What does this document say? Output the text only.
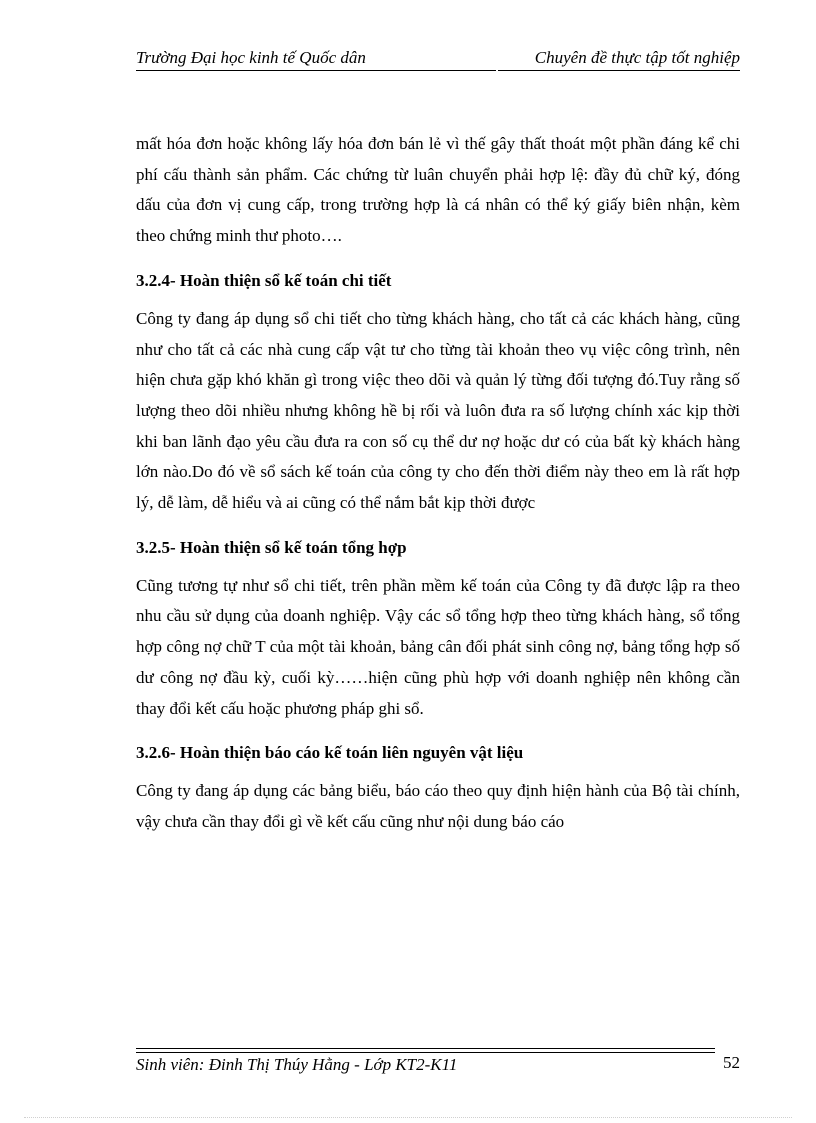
Trường Đại học kinh tế Quốc dân	Chuyên đề thực tập tốt nghiệp

mất hóa đơn hoặc không lấy hóa đơn bán lẻ vì thế gây thất thoát một phần đáng kể chi phí cấu thành sản phẩm. Các chứng từ luân chuyển phải hợp lệ: đầy đủ chữ ký, đóng dấu của đơn vị cung cấp, trong trường hợp là cá nhân có thể ký giấy biên nhận, kèm theo chứng minh thư photo….

3.2.4- Hoàn thiện sổ kế toán chi tiết

Công ty đang áp dụng sổ chi tiết cho từng khách hàng, cho tất cả các khách hàng, cũng như cho tất cả các nhà cung cấp vật tư cho từng tài khoản theo vụ việc công trình, nên hiện chưa gặp khó khăn gì trong việc theo dõi và quản lý từng đối tượng đó.Tuy rằng số lượng theo dõi nhiều nhưng không hề bị rối và luôn đưa ra số lượng chính xác kịp thời khi ban lãnh đạo yêu cầu đưa ra con số cụ thể dư nợ hoặc dư có của bất kỳ khách hàng lớn nào.Do đó về sổ sách kế toán của công ty cho đến thời điểm này theo em là rất hợp lý, dễ làm, dễ hiểu và ai cũng có thể nắm bắt kịp thời được

3.2.5- Hoàn thiện sổ kế toán tổng hợp

Cũng tương tự như sổ chi tiết, trên phần mềm kế toán của Công ty đã được lập ra theo nhu cầu sử dụng của doanh nghiệp. Vậy các sổ tổng hợp theo từng khách hàng, sổ tổng hợp công nợ chữ T của một tài khoản, bảng cân đối phát sinh công nợ, bảng tổng hợp số dư công nợ đầu kỳ, cuối kỳ……hiện cũng phù hợp với doanh nghiệp nên không cần thay đổi kết cấu hoặc phương pháp ghi sổ.

3.2.6- Hoàn thiện báo cáo kế toán liên nguyên vật liệu

Công ty đang áp dụng các bảng biểu, báo cáo theo quy định hiện hành của Bộ tài chính, vậy chưa cần thay đổi gì về kết cấu cũng như nội dung báo cáo

Sinh viên: Đinh Thị Thúy Hằng - Lớp KT2-K11	52
